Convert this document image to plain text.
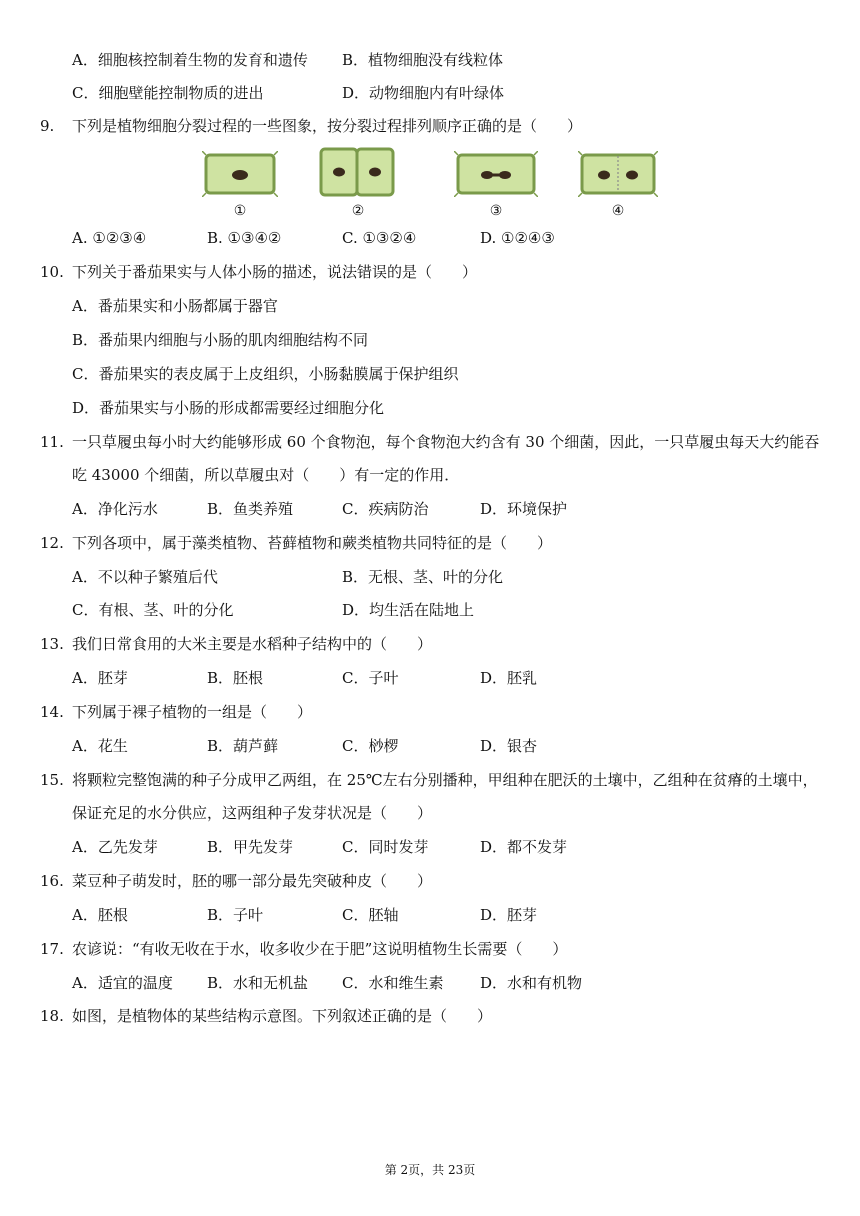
A．细胞核控制着生物的发育和遗传 B．植物细胞没有线粒体
C．细胞壁能控制物质的进出	D．动物细胞内有叶绿体
9. 下列是植物细胞分裂过程的一些图象，按分裂过程排列顺序正确的是（　　）
①	②	③	④
A. ①②③④	B. ①③④②	C. ①③②④	D. ①②④③
10. 下列关于番茄果实与人体小肠的描述，说法错误的是（　　）
A．番茄果实和小肠都属于器官
B．番茄果内细胞与小肠的肌肉细胞结构不同
C．番茄果实的表皮属于上皮组织，小肠黏膜属于保护组织
D．番茄果实与小肠的形成都需要经过细胞分化
11. 一只草履虫每小时大约能够形成 60 个食物泡，每个食物泡大约含有 30 个细菌，因此，一只草履虫每天大约能吞
吃 43000 个细菌，所以草履虫对（　　）有一定的作用．
A．净化污水	B．鱼类养殖	C．疾病防治	D．环境保护
12. 下列各项中，属于藻类植物、苔藓植物和蕨类植物共同特征的是（　　）
A．不以种子繁殖后代	B．无根、茎、叶的分化
C．有根、茎、叶的分化	D．均生活在陆地上
13. 我们日常食用的大米主要是水稻种子结构中的（　　）
A．胚芽	B．胚根	C．子叶	D．胚乳
14. 下列属于裸子植物的一组是（　　）
A．花生	B．葫芦藓	C．桫椤	D．银杏
15. 将颗粒完整饱满的种子分成甲乙两组，在 25℃左右分别播种，甲组种在肥沃的土壤中，乙组种在贫瘠的土壤中，
保证充足的水分供应，这两组种子发芽状况是（　　）
A．乙先发芽	B．甲先发芽	C．同时发芽	D．都不发芽
16. 菜豆种子萌发时，胚的哪一部分最先突破种皮（　　）
A．胚根	B．子叶	C．胚轴	D．胚芽
17. 农谚说：“有收无收在于水，收多收少在于肥”这说明植物生长需要（　　）
A．适宜的温度 B．水和无机盐 C．水和维生素 D．水和有机物
18. 如图，是植物体的某些结构示意图。下列叙述正确的是（　　）
第 2页，共 23页
